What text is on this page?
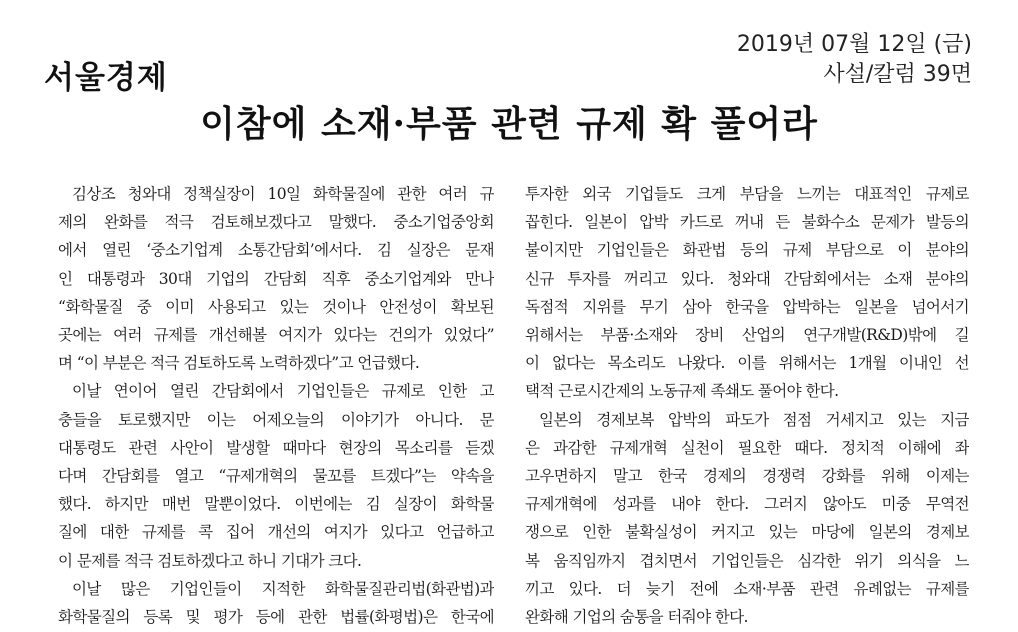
서울경제
2019년 07월 12일 (금)
사설/칼럼 39면
이참에 소재·부품 관련 규제 확 풀어라
김상조 청와대 정책실장이 10일 화학물질에 관한 여러 규
제의 완화를 적극 검토해보겠다고 말했다. 중소기업중앙회
에서 열린 ‘중소기업계 소통간담회’에서다. 김 실장은 문재
인 대통령과 30대 기업의 간담회 직후 중소기업계와 만나
“화학물질 중 이미 사용되고 있는 것이나 안전성이 확보된
곳에는 여러 규제를 개선해볼 여지가 있다는 건의가 있었다”
며 “이 부분은 적극 검토하도록 노력하겠다”고 언급했다.
이날 연이어 열린 간담회에서 기업인들은 규제로 인한 고
충들을 토로했지만 이는 어제오늘의 이야기가 아니다. 문
대통령도 관련 사안이 발생할 때마다 현장의 목소리를 듣겠
다며 간담회를 열고 “규제개혁의 물꼬를 트겠다”는 약속을
했다. 하지만 매번 말뿐이었다. 이번에는 김 실장이 화학물
질에 대한 규제를 콕 집어 개선의 여지가 있다고 언급하고
이 문제를 적극 검토하겠다고 하니 기대가 크다.
이날 많은 기업인들이 지적한 화학물질관리법(화관법)과
화학물질의 등록 및 평가 등에 관한 법률(화평법)은 한국에
투자한 외국 기업들도 크게 부담을 느끼는 대표적인 규제로
꼽힌다. 일본이 압박 카드로 꺼내 든 불화수소 문제가 발등의
불이지만 기업인들은 화관법 등의 규제 부담으로 이 분야의
신규 투자를 꺼리고 있다. 청와대 간담회에서는 소재 분야의
독점적 지위를 무기 삼아 한국을 압박하는 일본을 넘어서기
위해서는 부품·소재와 장비 산업의 연구개발(R&D)밖에 길
이 없다는 목소리도 나왔다. 이를 위해서는 1개월 이내인 선
택적 근로시간제의 노동규제 족쇄도 풀어야 한다.
일본의 경제보복 압박의 파도가 점점 거세지고 있는 지금
은 과감한 규제개혁 실천이 필요한 때다. 정치적 이해에 좌
고우면하지 말고 한국 경제의 경쟁력 강화를 위해 이제는
규제개혁에 성과를 내야 한다. 그러지 않아도 미중 무역전
쟁으로 인한 불확실성이 커지고 있는 마당에 일본의 경제보
복 움직임까지 겹치면서 기업인들은 심각한 위기 의식을 느
끼고 있다. 더 늦기 전에 소재·부품 관련 유례없는 규제를
완화해 기업의 숨통을 터줘야 한다.
